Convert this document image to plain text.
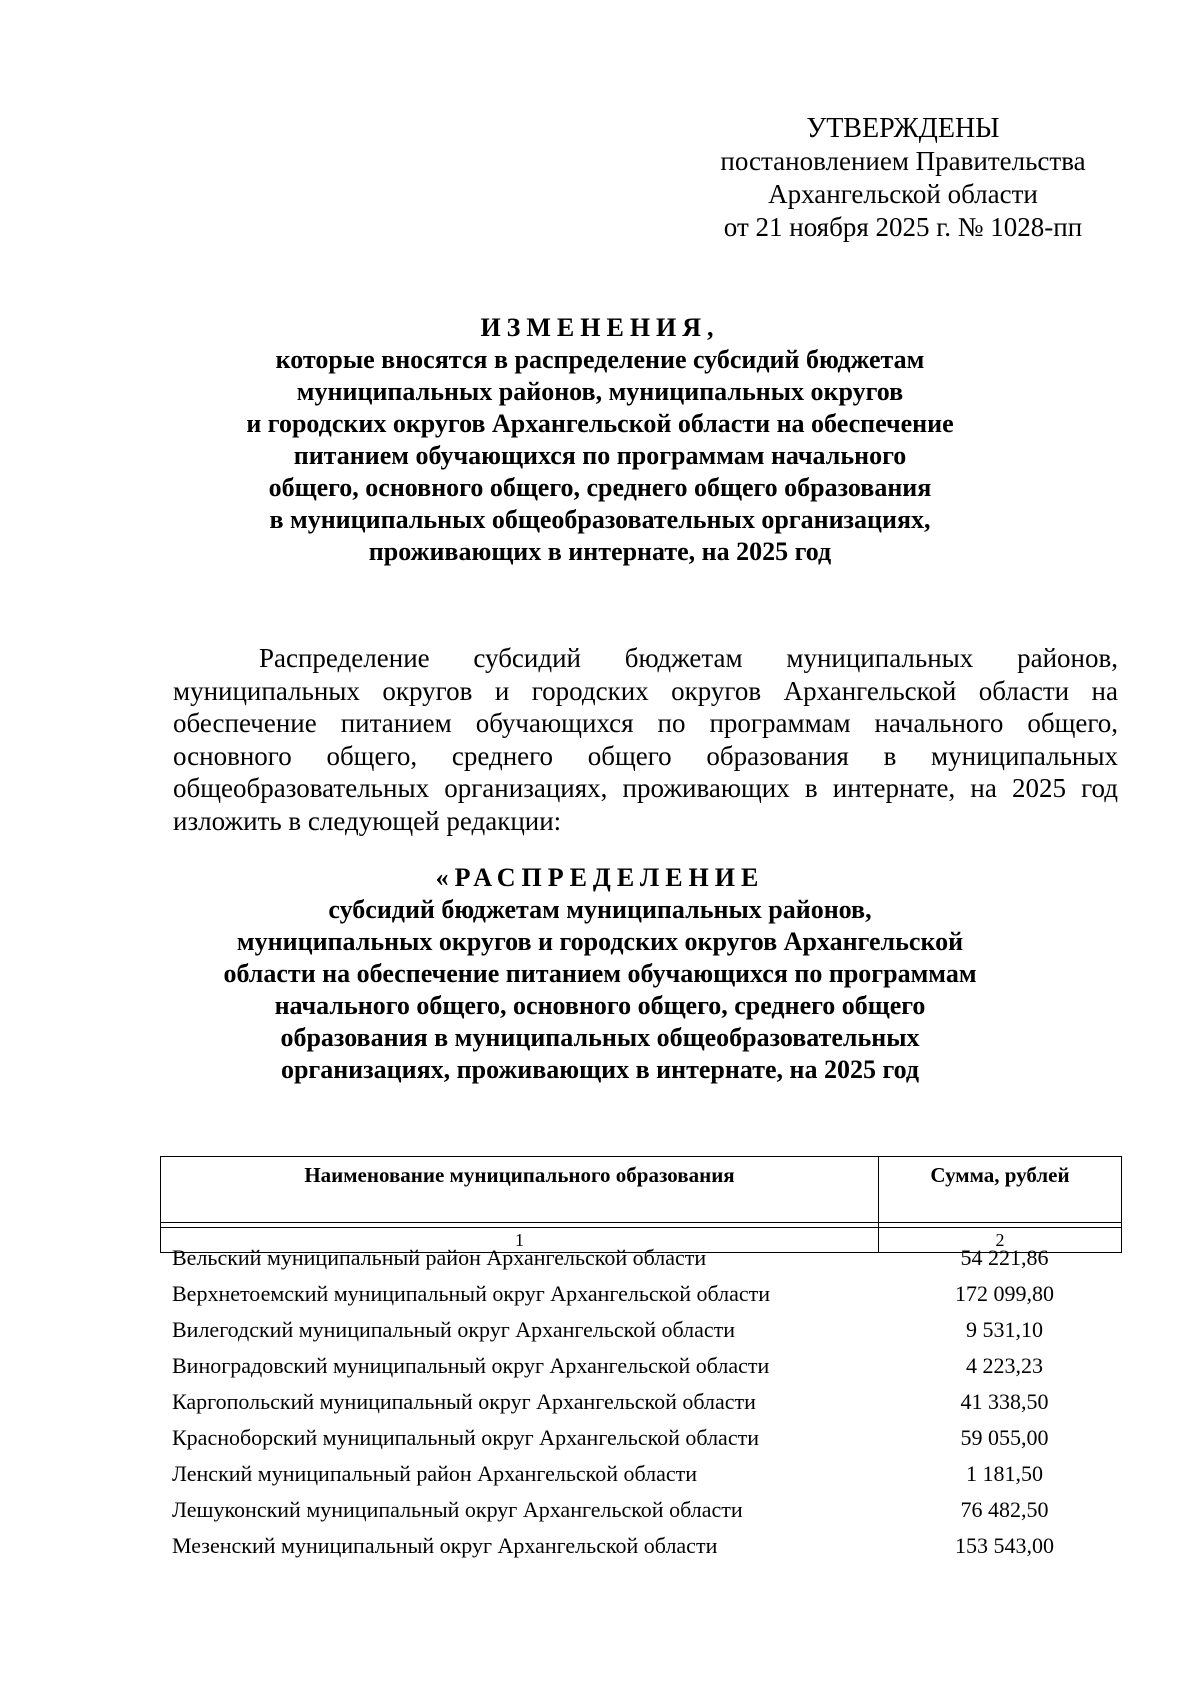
УТВЕРЖДЕНЫ
постановлением Правительства
Архангельской области
от 21 ноября 2025 г. № 1028-пп
ИЗМЕНЕНИЯ,
которые вносятся в распределение субсидий бюджетам
муниципальных районов, муниципальных округов
и городских округов Архангельской области на обеспечение
питанием обучающихся по программам начального
общего, основного общего, среднего общего образования
в муниципальных общеобразовательных организациях,
проживающих в интернате, на 2025 год
Распределение субсидий бюджетам муниципальных районов, муниципальных округов и городских округов Архангельской области на обеспечение питанием обучающихся по программам начального общего, основного общего, среднего общего образования в муниципальных общеобразовательных организациях, проживающих в интернате, на 2025 год изложить в следующей редакции:
«РАСПРЕДЕЛЕНИЕ
субсидий бюджетам муниципальных районов,
муниципальных округов и городских округов Архангельской
области на обеспечение питанием обучающихся по программам
начального общего, основного общего, среднего общего
образования в муниципальных общеобразовательных
организациях, проживающих в интернате, на 2025 год
Наименование муниципального образования	Сумма, рублей

1	2
Вельский муниципальный район Архангельской области	54 221,86
Верхнетоемский муниципальный округ Архангельской области	172 099,80
Вилегодский муниципальный округ Архангельской области	9 531,10
Виноградовский муниципальный округ Архангельской области	4 223,23
Каргопольский муниципальный округ Архангельской области	41 338,50
Красноборский муниципальный округ Архангельской области	59 055,00
Ленский муниципальный район Архангельской области	1 181,50
Лешуконский муниципальный округ Архангельской области	76 482,50
Мезенский муниципальный округ Архангельской области	153 543,00
